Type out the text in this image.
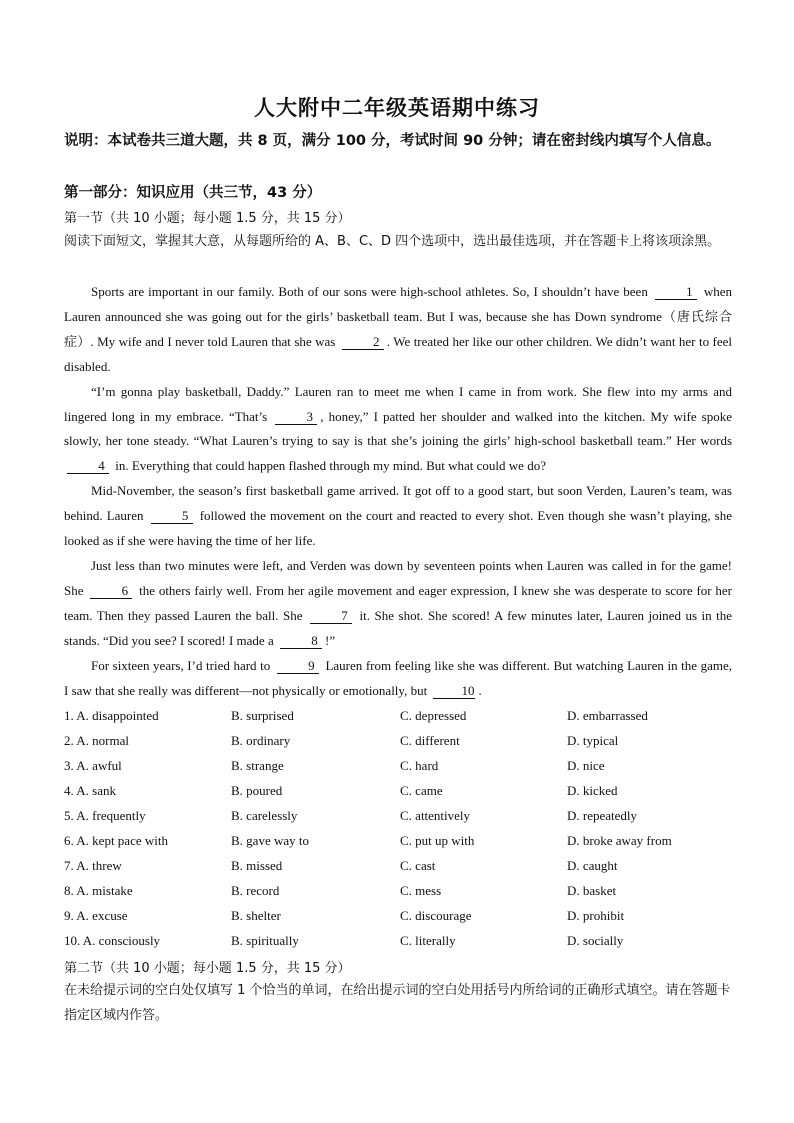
人大附中二年级英语期中练习
说明：本试卷共三道大题，共 8 页，满分 100 分，考试时间 90 分钟；请在密封线内填写个人信息。
第一部分：知识应用（共三节，43 分）
第一节（共 10 小题；每小题 1.5 分，共 15 分）
阅读下面短文，掌握其大意，从每题所给的 A、B、C、D 四个选项中，选出最佳选项，并在答题卡上将该项涂黑。

Sports are important in our family. Both of our sons were high-school athletes. So, I shouldn’t have been	1 when Lauren announced she was going out for the girls’ basketball team. But I was, because she has Down syndrome（唐氏综合症）. My wife and I never told Lauren that she was	2 . We treated her like our other children. We didn’t want her to feel disabled.

“I’m gonna play basketball, Daddy.” Lauren ran to meet me when I came in from work. She flew into my arms and lingered long in my embrace. “That’s	3 , honey,” I patted her shoulder and walked into the kitchen. My wife spoke slowly, her tone steady. “What Lauren’s trying to say is that she’s joining the girls’ high-school basketball team.” Her words 4 in. Everything that could happen flashed through my mind. But what could we do?

Mid-November, the season’s first basketball game arrived. It got off to a good start, but soon Verden, Lauren’s team, was behind. Lauren	5 followed the movement on the court and reacted to every shot. Even though she wasn’t playing, she looked as if she were having the time of her life.

Just less than two minutes were left, and Verden was down by seventeen points when Lauren was called in for the game! She	6 the others fairly well. From her agile movement and eager expression, I knew she was desperate to score for her team. Then they passed Lauren the ball. She	7 it. She shot. She scored! A few minutes later, Lauren joined us in the stands. “Did you see? I scored! I made a	8 !”

For sixteen years, I’d tried hard to	9 Lauren from feeling like she was different. But watching Lauren in the game, I saw that she really was different—not physically or emotionally, but	10 .

1. A. disappointed	B. surprised	C. depressed	D. embarrassed
2. A. normal	B. ordinary	C. different	D. typical
3. A. awful	B. strange	C. hard	D. nice
4. A. sank	B. poured	C. came	D. kicked
5. A. frequently	B. carelessly	C. attentively	D. repeatedly
6. A. kept pace with	B. gave way to	C. put up with	D. broke away from
7. A. threw	B. missed	C. cast	D. caught
8. A. mistake	B. record	C. mess	D. basket
9. A. excuse	B. shelter	C. discourage	D. prohibit
10. A. consciously	B. spiritually	C. literally	D. socially
第二节（共 10 小题；每小题 1.5 分，共 15 分）
在未给提示词的空白处仅填写 1 个恰当的单词，在给出提示词的空白处用括号内所给词的正确形式填空。请在答题卡指定区域内作答。
